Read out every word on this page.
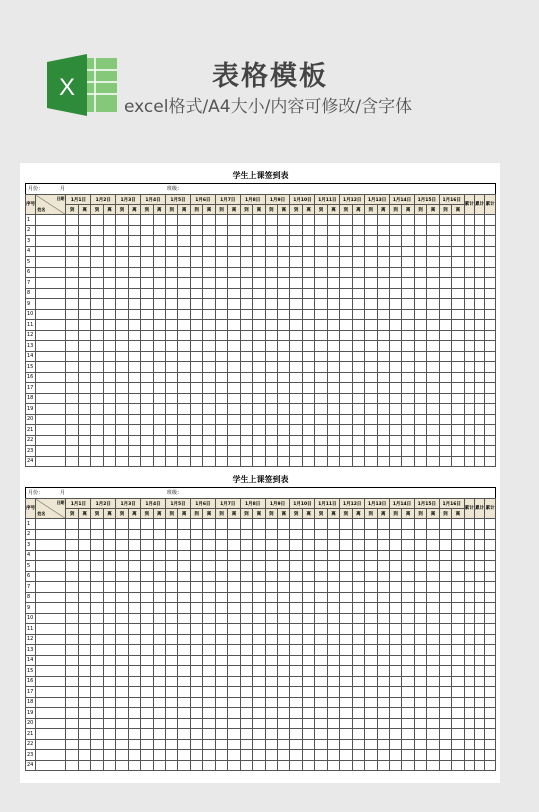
X	表格模板
excel格式/A4大小/内容可修改/含字体
学生上课签到表
月份：	月	班级：
序号	日期
姓名	1月1日		1月2日		1月3日		1月4日		1月5日		1月6日		1月7日		1月8日		1月9日		1月10日		1月11日		1月12日		1月13日		1月14日		1月15日		1月16日		累计	累计	累计
		到	离	到	离	到	离	到	离	到	离	到	离	到	离	到	离	到	离	到	离	到	离	到	离	到	离	到	离	到	离	到	离			
1																																				
2																																				
3																																				
4																																				
5																																				
6																																				
7																																				
8																																				
9																																				
10																																				
11																																				
12																																				
13																																				
14																																				
15																																				
16																																				
17																																				
18																																				
19																																				
20																																				
21																																				
22																																				
23																																				
24																																				
学生上课签到表
月份：	月	班级：
序号	日期
姓名	1月1日		1月2日		1月3日		1月4日		1月5日		1月6日		1月7日		1月8日		1月9日		1月10日		1月11日		1月12日		1月13日		1月14日		1月15日		1月16日		累计	累计	累计
		到	离	到	离	到	离	到	离	到	离	到	离	到	离	到	离	到	离	到	离	到	离	到	离	到	离	到	离	到	离	到	离			
1																																				
2																																				
3																																				
4																																				
5																																				
6																																				
7																																				
8																																				
9																																				
10																																				
11																																				
12																																				
13																																				
14																																				
15																																				
16																																				
17																																				
18																																				
19																																				
20																																				
21																																				
22																																				
23																																				
24																																				
